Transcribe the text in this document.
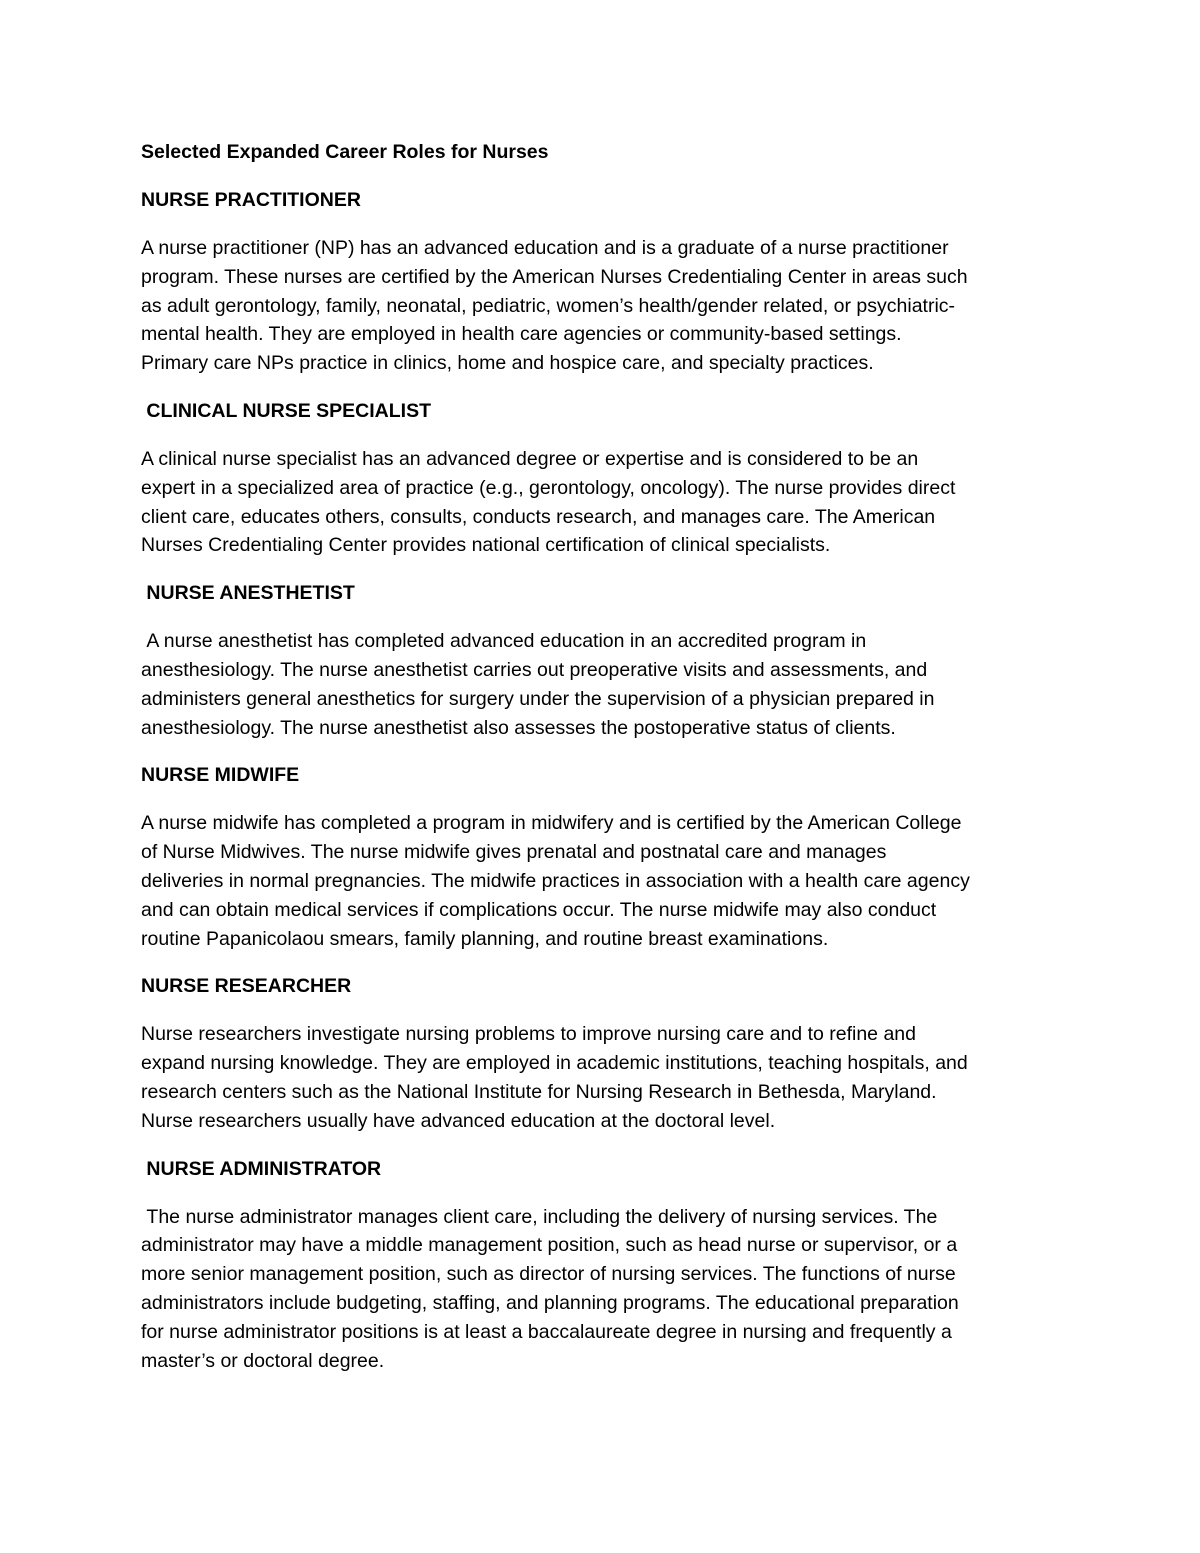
Selected Expanded Career Roles for Nurses
NURSE PRACTITIONER
A nurse practitioner (NP) has an advanced education and is a graduate of a nurse practitioner
program. These nurses are certified by the American Nurses Credentialing Center in areas such
as adult gerontology, family, neonatal, pediatric, women’s health/gender related, or psychiatric-
mental health. They are employed in health care agencies or community-based settings.
Primary care NPs practice in clinics, home and hospice care, and specialty practices.
CLINICAL NURSE SPECIALIST
A clinical nurse specialist has an advanced degree or expertise and is considered to be an
expert in a specialized area of practice (e.g., gerontology, oncology). The nurse provides direct
client care, educates others, consults, conducts research, and manages care. The American
Nurses Credentialing Center provides national certification of clinical specialists.
NURSE ANESTHETIST
A nurse anesthetist has completed advanced education in an accredited program in
anesthesiology. The nurse anesthetist carries out preoperative visits and assessments, and
administers general anesthetics for surgery under the supervision of a physician prepared in
anesthesiology. The nurse anesthetist also assesses the postoperative status of clients.
NURSE MIDWIFE
A nurse midwife has completed a program in midwifery and is certified by the American College
of Nurse Midwives. The nurse midwife gives prenatal and postnatal care and manages
deliveries in normal pregnancies. The midwife practices in association with a health care agency
and can obtain medical services if complications occur. The nurse midwife may also conduct
routine Papanicolaou smears, family planning, and routine breast examinations.
NURSE RESEARCHER
Nurse researchers investigate nursing problems to improve nursing care and to refine and
expand nursing knowledge. They are employed in academic institutions, teaching hospitals, and
research centers such as the National Institute for Nursing Research in Bethesda, Maryland.
Nurse researchers usually have advanced education at the doctoral level.
NURSE ADMINISTRATOR
The nurse administrator manages client care, including the delivery of nursing services. The
administrator may have a middle management position, such as head nurse or supervisor, or a
more senior management position, such as director of nursing services. The functions of nurse
administrators include budgeting, staffing, and planning programs. The educational preparation
for nurse administrator positions is at least a baccalaureate degree in nursing and frequently a
master’s or doctoral degree.
